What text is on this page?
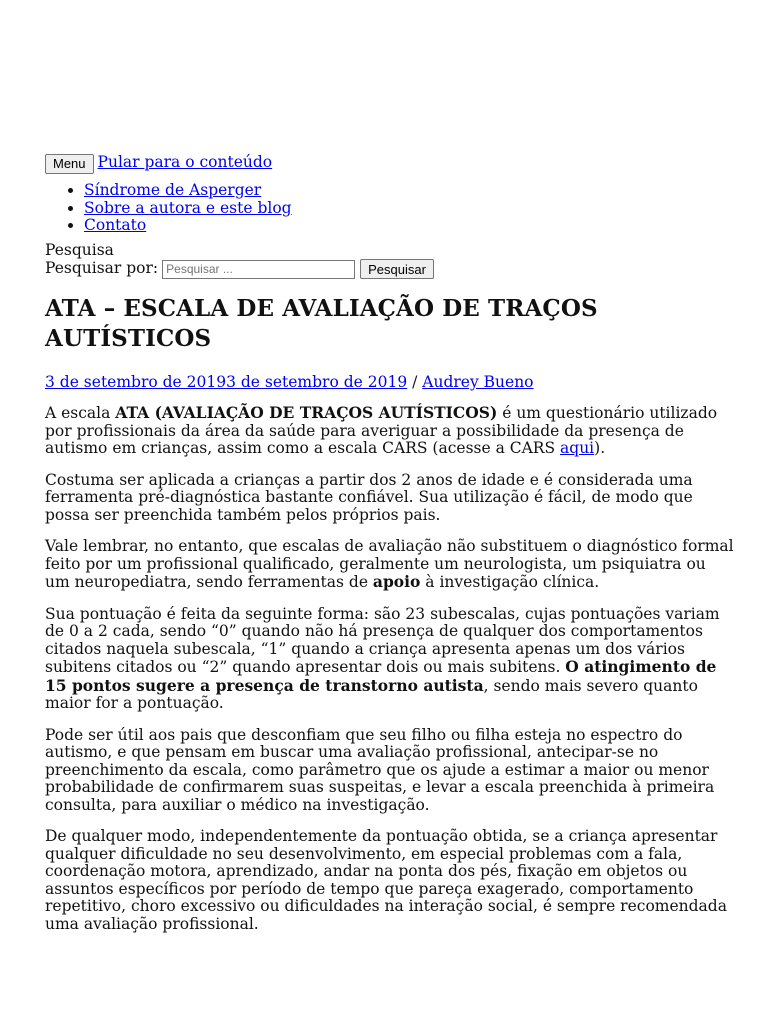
Menu Pular para o conteúdo
• Síndrome de Asperger
• Sobre a autora e este blog
• Contato
Pesquisa
Pesquisar por:
Pesquisar ...	Pesquisar
ATA – ESCALA DE AVALIAÇÃO DE TRAÇOS AUTÍSTICOS
3 de setembro de 20193 de setembro de 2019 / Audrey Bueno

A escala ATA (AVALIAÇÃO DE TRAÇOS AUTÍSTICOS) é um questionário utilizado por profissionais da área da saúde para averiguar a possibilidade da presença de autismo em crianças, assim como a escala CARS (acesse a CARS aqui).

Costuma ser aplicada a crianças a partir dos 2 anos de idade e é considerada uma ferramenta pré-diagnóstica bastante confiável. Sua utilização é fácil, de modo que possa ser preenchida também pelos próprios pais.

Vale lembrar, no entanto, que escalas de avaliação não substituem o diagnóstico formal feito por um profissional qualificado, geralmente um neurologista, um psiquiatra ou um neuropediatra, sendo ferramentas de apoio à investigação clínica.

Sua pontuação é feita da seguinte forma: são 23 subescalas, cujas pontuações variam de 0 a 2 cada, sendo “0” quando não há presença de qualquer dos comportamentos citados naquela subescala, “1” quando a criança apresenta apenas um dos vários subitens citados ou “2” quando apresentar dois ou mais subitens. O atingimento de 15 pontos sugere a presença de transtorno autista, sendo mais severo quanto maior for a pontuação.

Pode ser útil aos pais que desconfiam que seu filho ou filha esteja no espectro do autismo, e que pensam em buscar uma avaliação profissional, antecipar-se no preenchimento da escala, como parâmetro que os ajude a estimar a maior ou menor probabilidade de confirmarem suas suspeitas, e levar a escala preenchida à primeira consulta, para auxiliar o médico na investigação.

De qualquer modo, independentemente da pontuação obtida, se a criança apresentar qualquer dificuldade no seu desenvolvimento, em especial problemas com a fala, coordenação motora, aprendizado, andar na ponta dos pés, fixação em objetos ou assuntos específicos por período de tempo que pareça exagerado, comportamento repetitivo, choro excessivo ou dificuldades na interação social, é sempre recomendada uma avaliação profissional.
